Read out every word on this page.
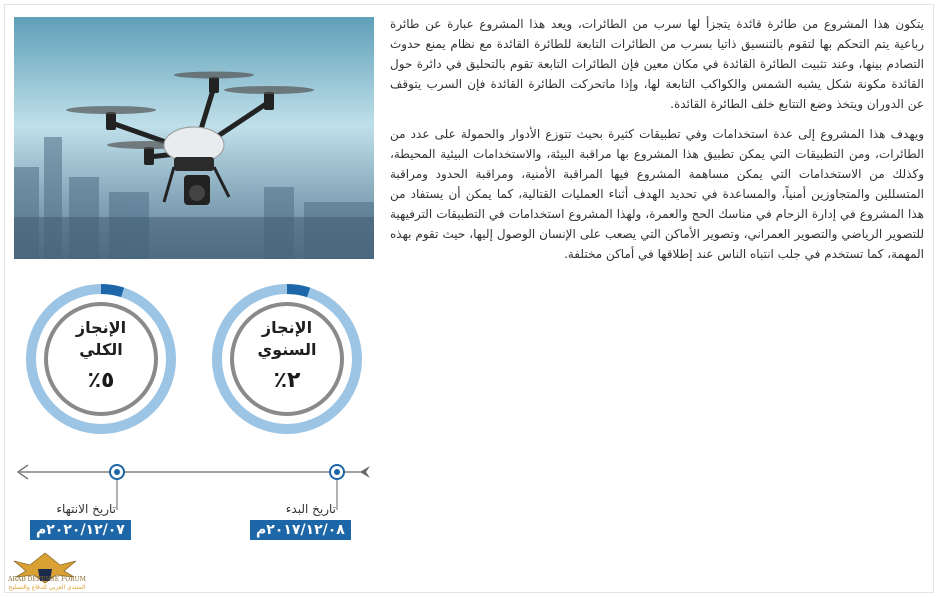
يتكون هذا المشروع من طائرة قائدة يتجزأ لها سرب من الطائرات، ويعد هذا المشروع عبارة عن طائرة رباعية يتم التحكم بها لتقوم بالتنسيق ذاتيا بسرب من الطائرات التابعة للطائرة القائدة مع نظام يمنع حدوث التصادم بينها، وعند تثبيت الطائرة القائدة في مكان معين فإن الطائرات التابعة تقوم بالتحليق في دائرة حول القائدة مكونة شكل يشبه الشمس والكواكب التابعة لها، وإذا ماتحركت الطائرة القائدة فإن السرب يتوقف عن الدوران ويتخذ وضع التتابع خلف الطائرة القائدة.

ويهدف هذا المشروع إلى عدة استخدامات وفي تطبيقات كثيرة بحيث تتوزع الأدوار والحمولة على عدد من الطائرات، ومن التطبيقات التي يمكن تطبيق هذا المشروع بها مراقبة البيئة، والاستخدامات البيئية المحيطة، وكذلك من الاستخدامات التي يمكن مساهمة المشروع فيها المراقبة الأمنية، ومراقبة الحدود ومراقبة المتسللين والمتجاوزين أمنياً، والمساعدة في تحديد الهدف أثناء العمليات القتالية، كما يمكن أن يستفاد من هذا المشروع في إدارة الزحام في مناسك الحج والعمرة، ولهذا المشروع استخدامات في التطبيقات الترفيهية للتصوير الرياضي والتصوير العمراني، وتصوير الأماكن التي يصعب على الإنسان الوصول إليها، حيث تقوم بهذه المهمة، كما تستخدم في جلب انتباه الناس عند إطلاقها في أماكن مختلفة.

الإنجاز
السنوي
٢٪
الإنجاز
الكلي
٥٪
تاريخ الانتهاء
٢٠٢٠/١٢/٠٧م
تاريخ البدء
٢٠١٧/١٢/٠٨م
ARAB DEFENSE FORUM
المنتدى العربي للدفاع والتسليح
